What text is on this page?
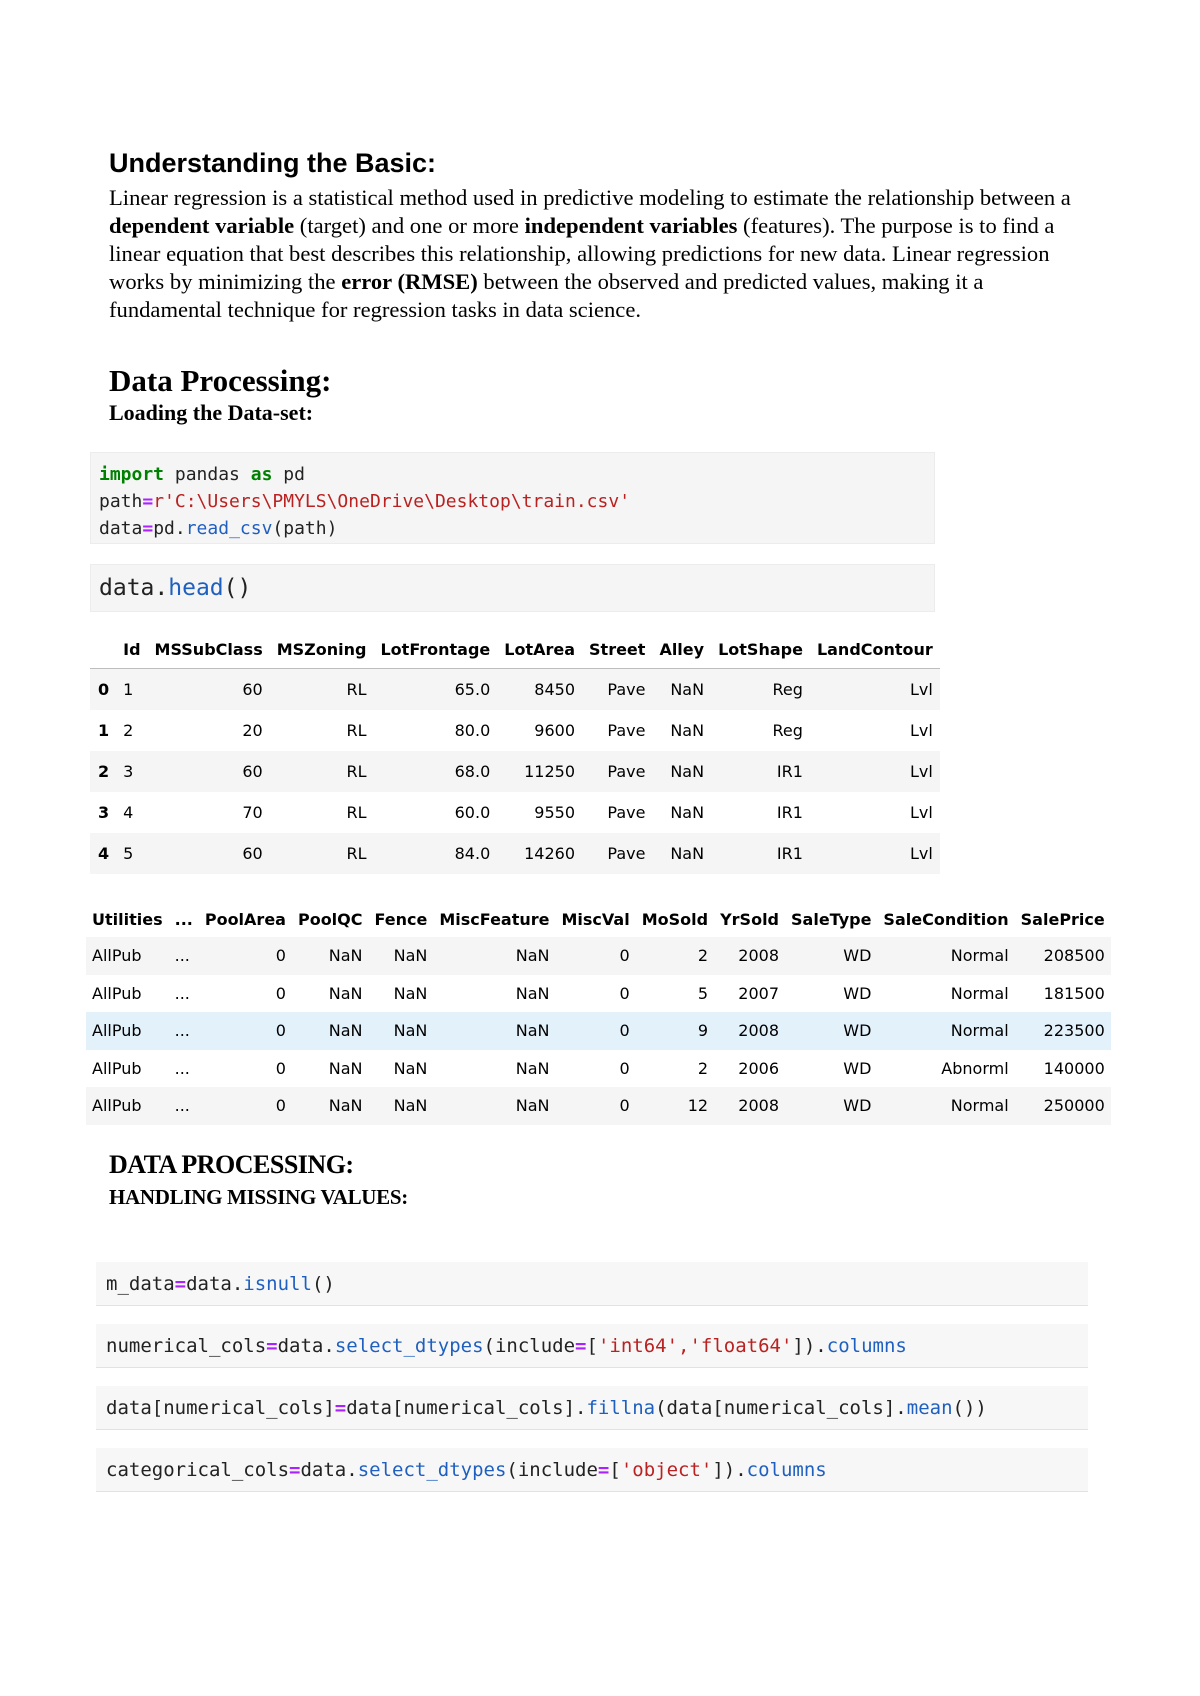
Understanding the Basic:

Linear regression is a statistical method used in predictive modeling to estimate the relationship between a dependent variable (target) and one or more independent variables (features). The purpose is to find a linear equation that best describes this relationship, allowing predictions for new data. Linear regression works by minimizing the error (RMSE) between the observed and predicted values, making it a fundamental technique for regression tasks in data science.

Data Processing:
Loading the Data-set:
import pandas as pd
path=r'C:\Users\PMYLS\OneDrive\Desktop\train.csv'
data=pd.read_csv(path)
data.head()
	Id	MSSubClass	MSZoning	LotFrontage	LotArea	Street	Alley	LotShape	LandContour
0	1	60	RL	65.0	8450	Pave	NaN	Reg	Lvl
1	2	20	RL	80.0	9600	Pave	NaN	Reg	Lvl
2	3	60	RL	68.0	11250	Pave	NaN	IR1	Lvl
3	4	70	RL	60.0	9550	Pave	NaN	IR1	Lvl
4	5	60	RL	84.0	14260	Pave	NaN	IR1	Lvl
Utilities	...	PoolArea	PoolQC	Fence	MiscFeature	MiscVal	MoSold	YrSold	SaleType	SaleCondition	SalePrice
AllPub	...	0	NaN	NaN	NaN	0	2	2008	WD	Normal	208500
AllPub	...	0	NaN	NaN	NaN	0	5	2007	WD	Normal	181500
AllPub	...	0	NaN	NaN	NaN	0	9	2008	WD	Normal	223500
AllPub	...	0	NaN	NaN	NaN	0	2	2006	WD	Abnorml	140000
AllPub	...	0	NaN	NaN	NaN	0	12	2008	WD	Normal	250000
DATA PROCESSING:
HANDLING MISSING VALUES:
m_data=data.isnull()
numerical_cols=data.select_dtypes(include=['int64','float64']).columns
data[numerical_cols]=data[numerical_cols].fillna(data[numerical_cols].mean())
categorical_cols=data.select_dtypes(include=['object']).columns
